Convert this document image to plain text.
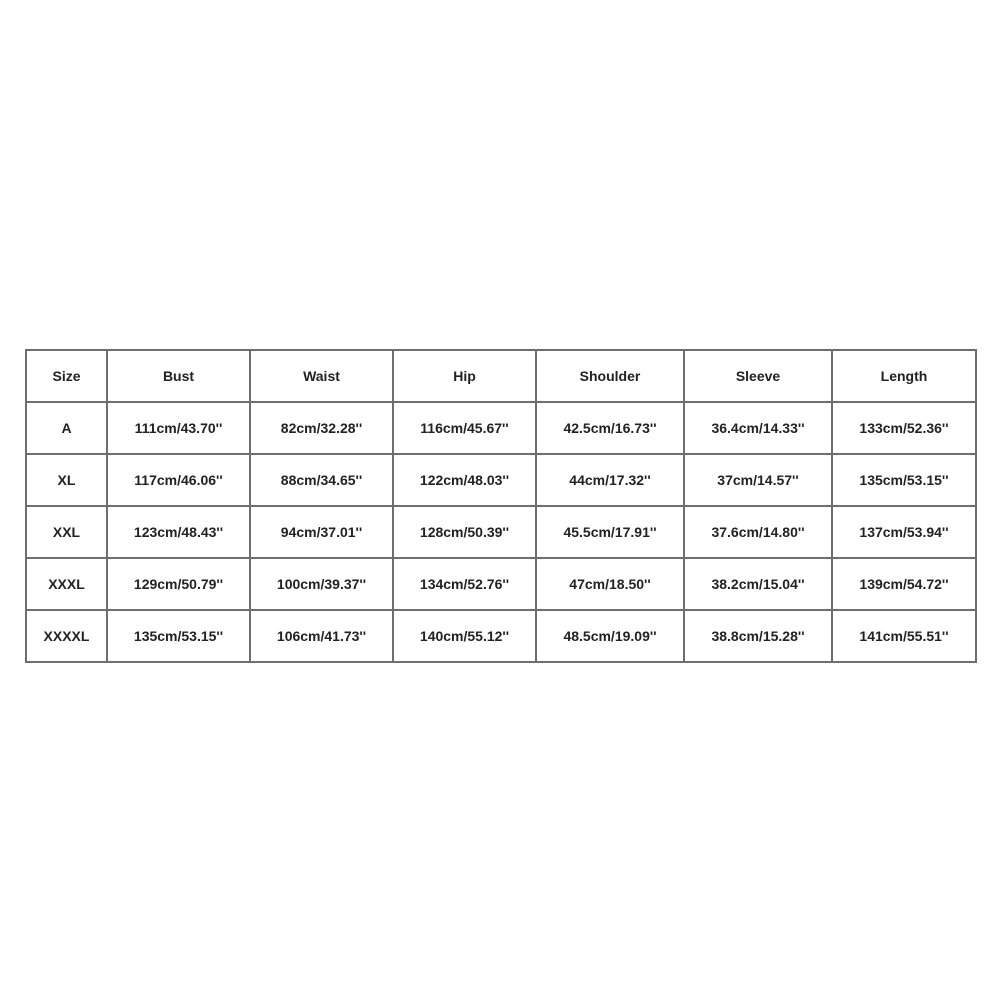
Size	Bust	Waist	Hip	Shoulder	Sleeve	Length
A	111cm/43.70''	82cm/32.28''	116cm/45.67''	42.5cm/16.73''	36.4cm/14.33''	133cm/52.36''
XL	117cm/46.06''	88cm/34.65''	122cm/48.03''	44cm/17.32''	37cm/14.57''	135cm/53.15''
XXL	123cm/48.43''	94cm/37.01''	128cm/50.39''	45.5cm/17.91''	37.6cm/14.80''	137cm/53.94''
XXXL	129cm/50.79''	100cm/39.37''	134cm/52.76''	47cm/18.50''	38.2cm/15.04''	139cm/54.72''
XXXXL	135cm/53.15''	106cm/41.73''	140cm/55.12''	48.5cm/19.09''	38.8cm/15.28''	141cm/55.51''
